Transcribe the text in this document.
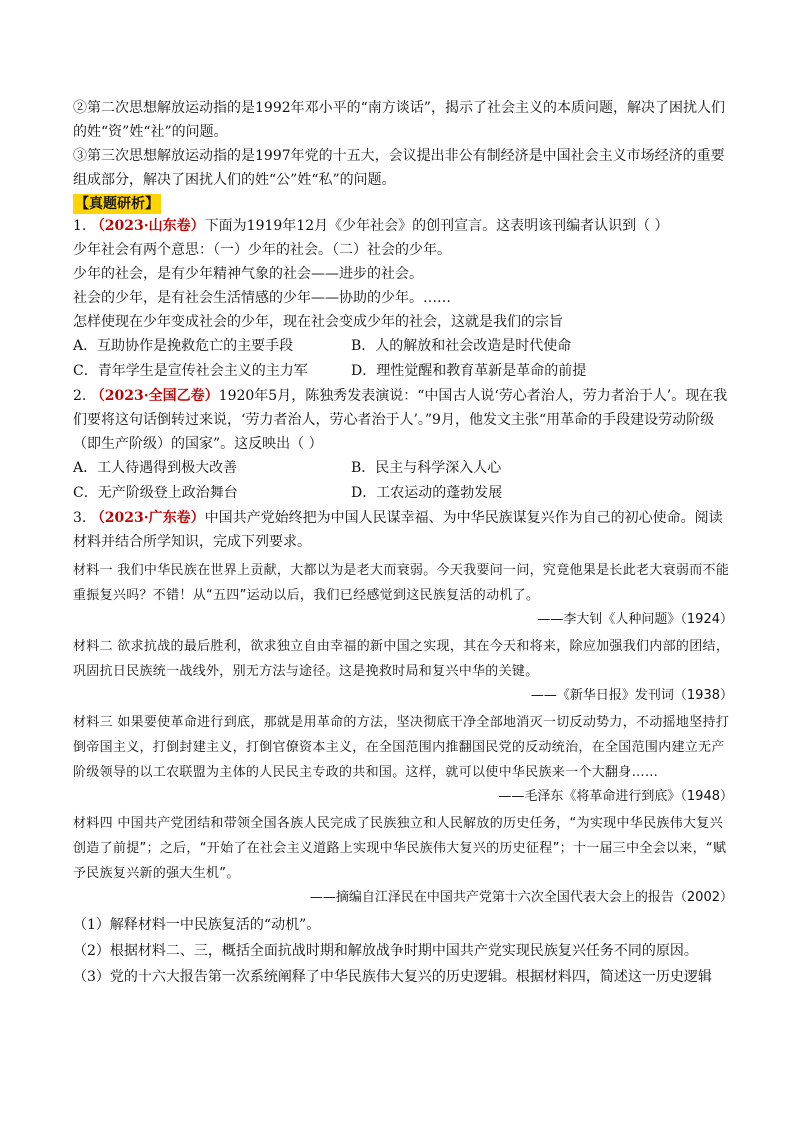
②第二次思想解放运动指的是1992年邓小平的“南方谈话”，揭示了社会主义的本质问题，解决了困扰人们的姓“资”姓“社”的问题。

③第三次思想解放运动指的是1997年党的十五大，会议提出非公有制经济是中国社会主义市场经济的重要组成部分，解决了困扰人们的姓“公”姓“私”的问题。

【真题研析】

1. （2023·山东卷）下面为1919年12月《少年社会》的创刊宣言。这表明该刊编者认识到（ ）

少年社会有两个意思：（一）少年的社会。（二）社会的少年。

少年的社会，是有少年精神气象的社会——进步的社会。

社会的少年，是有社会生活情感的少年——协助的少年。……

怎样使现在少年变成社会的少年，现在社会变成少年的社会，这就是我们的宗旨

A．互助协作是挽救危亡的主要手段	B．人的解放和社会改造是时代使命
C．青年学生是宣传社会主义的主力军	D．理性觉醒和教育革新是革命的前提

2. （2023·全国乙卷）1920年5月，陈独秀发表演说：“中国古人说‘劳心者治人，劳力者治于人’。现在我们要将这句话倒转过来说，‘劳力者治人，劳心者治于人’。”9月，他发文主张“用革命的手段建设劳动阶级（即生产阶级）的国家”。这反映出（ ）

A．工人待遇得到极大改善	B．民主与科学深入人心
C．无产阶级登上政治舞台	D．工农运动的蓬勃发展

3. （2023·广东卷）中国共产党始终把为中国人民谋幸福、为中华民族谋复兴作为自己的初心使命。阅读材料并结合所学知识，完成下列要求。

材料一 我们中华民族在世界上贡献，大都以为是老大而衰弱。今天我要问一问，究竟他果是长此老大衰弱而不能重振复兴吗？不错！从“五四”运动以后，我们已经感觉到这民族复活的动机了。

——李大钊《人种问题》（1924）

材料二 欲求抗战的最后胜利，欲求独立自由幸福的新中国之实现，其在今天和将来，除应加强我们内部的团结，巩固抗日民族统一战线外，别无方法与途径。这是挽救时局和复兴中华的关键。

——《新华日报》发刊词（1938）

材料三 如果要使革命进行到底，那就是用革命的方法，坚决彻底干净全部地消灭一切反动势力，不动摇地坚持打倒帝国主义，打倒封建主义，打倒官僚资本主义，在全国范围内推翻国民党的反动统治，在全国范围内建立无产阶级领导的以工农联盟为主体的人民民主专政的共和国。这样，就可以使中华民族来一个大翻身……

——毛泽东《将革命进行到底》（1948）

材料四 中国共产党团结和带领全国各族人民完成了民族独立和人民解放的历史任务，“为实现中华民族伟大复兴创造了前提”；之后，“开始了在社会主义道路上实现中华民族伟大复兴的历史征程”；十一届三中全会以来，“赋予民族复兴新的强大生机”。

——摘编自江泽民在中国共产党第十六次全国代表大会上的报告（2002）

（1）解释材料一中民族复活的“动机”。

（2）根据材料二、三，概括全面抗战时期和解放战争时期中国共产党实现民族复兴任务不同的原因。

（3）党的十六大报告第一次系统阐释了中华民族伟大复兴的历史逻辑。根据材料四，简述这一历史逻辑
